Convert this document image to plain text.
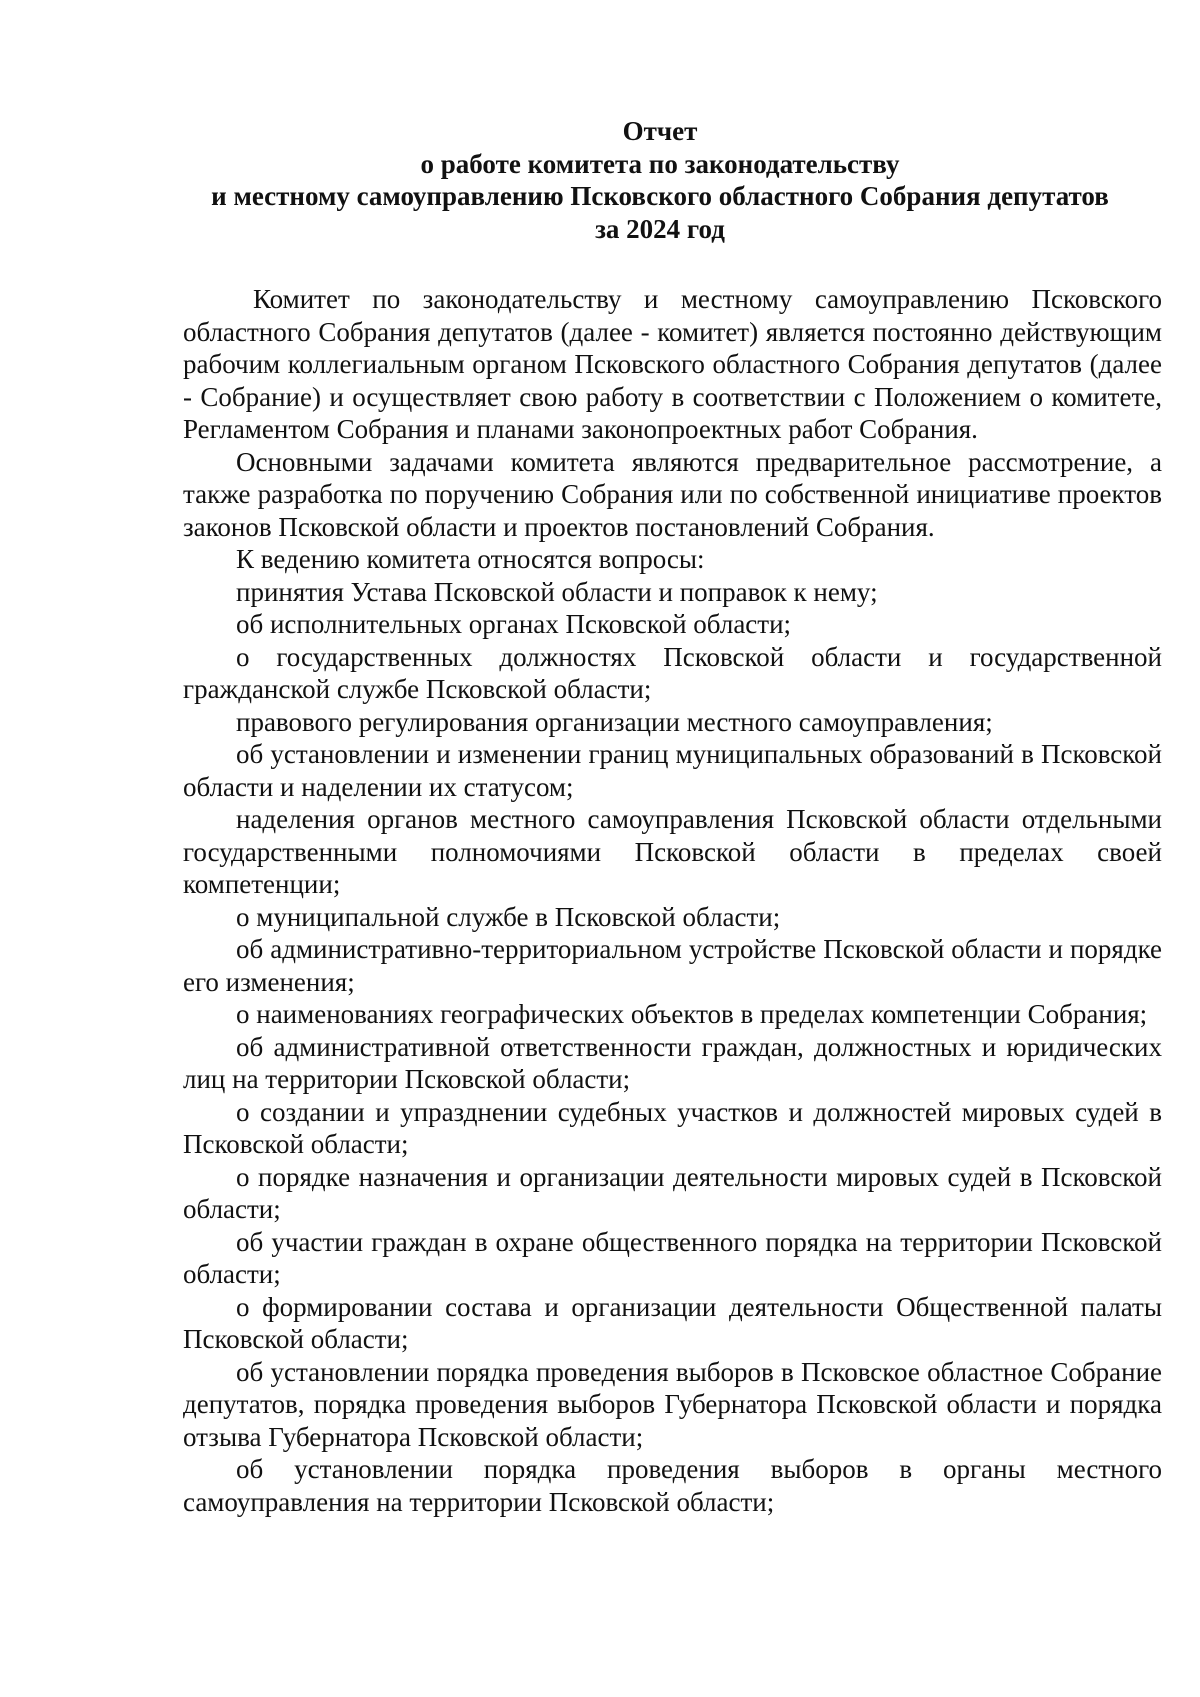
Отчет
о работе комитета по законодательству
и местному самоуправлению Псковского областного Собрания депутатов
за 2024 год

Комитет по законодательству и местному самоуправлению Псковского областного Собрания депутатов (далее - комитет) является постоянно действующим рабочим коллегиальным органом Псковского областного Собрания депутатов (далее - Собрание) и осуществляет свою работу в соответствии с Положением о комитете, Регламентом Собрания и планами законопроектных работ Собрания.

Основными задачами комитета являются предварительное рассмотрение, а также разработка по поручению Собрания или по собственной инициативе проектов законов Псковской области и проектов постановлений Собрания.

К ведению комитета относятся вопросы:

принятия Устава Псковской области и поправок к нему;

об исполнительных органах Псковской области;

о государственных должностях Псковской области и государственной гражданской службе Псковской области;

правового регулирования организации местного самоуправления;

об установлении и изменении границ муниципальных образований в Псковской области и наделении их статусом;

наделения органов местного самоуправления Псковской области отдельными государственными полномочиями Псковской области в пределах своей компетенции;

о муниципальной службе в Псковской области;

об административно-территориальном устройстве Псковской области и порядке его изменения;

о наименованиях географических объектов в пределах компетенции Собрания;

об административной ответственности граждан, должностных и юридических лиц на территории Псковской области;

о создании и упразднении судебных участков и должностей мировых судей в Псковской области;

о порядке назначения и организации деятельности мировых судей в Псковской области;

об участии граждан в охране общественного порядка на территории Псковской области;

о формировании состава и организации деятельности Общественной палаты Псковской области;

об установлении порядка проведения выборов в Псковское областное Собрание депутатов, порядка проведения выборов Губернатора Псковской области и порядка отзыва Губернатора Псковской области;

об установлении порядка проведения выборов в органы местного самоуправления на территории Псковской области;
